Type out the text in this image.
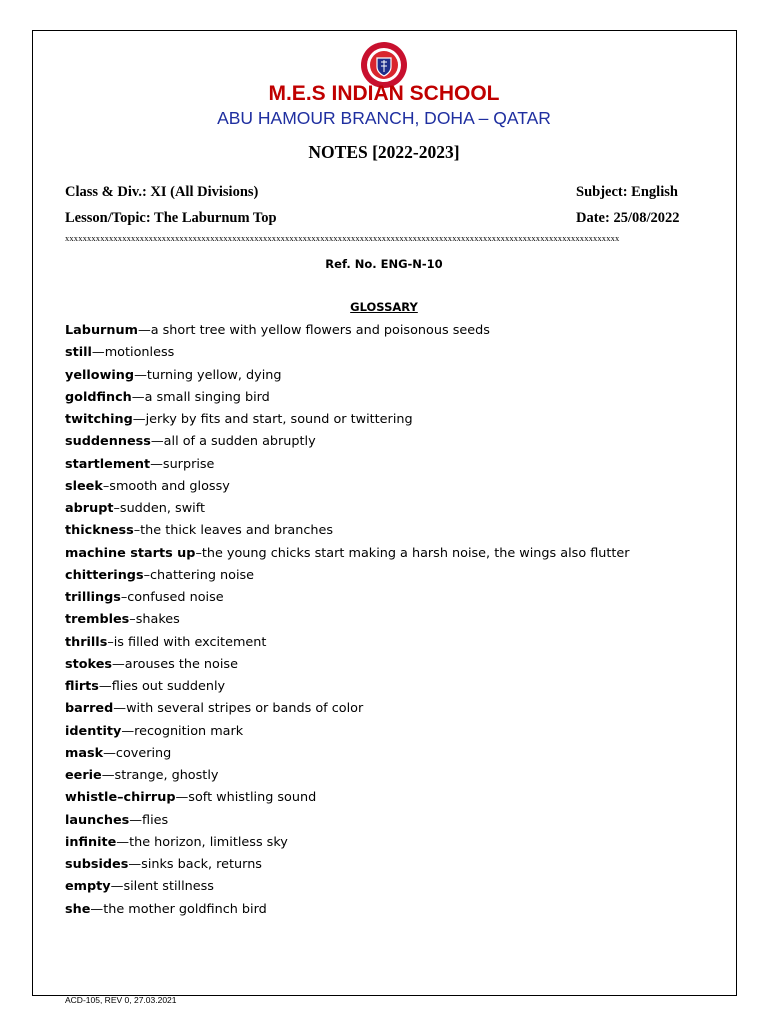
M.E.S INDIAN SCHOOL
ABU HAMOUR BRANCH, DOHA – QATAR
NOTES [2022-2023]
Class & Div.: XI (All Divisions)	Subject: English
Lesson/Topic: The Laburnum Top	Date: 25/08/2022
xxxxxxxxxxxxxxxxxxxxxxxxxxxxxxxxxxxxxxxxxxxxxxxxxxxxxxxxxxxxxxxxxxxxxxxxxxxxxxxxxxxxxxxxxxxxxxxxxxxxxxxxxxxxxxxxxxxxxxxxxxxxxx
Ref. No. ENG-N-10
GLOSSARY
Laburnum—a short tree with yellow flowers and poisonous seeds
still—motionless
yellowing—turning yellow, dying
goldfinch—a small singing bird
twitching—jerky by fits and start, sound or twittering
suddenness—all of a sudden abruptly
startlement—surprise
sleek–smooth and glossy
abrupt–sudden, swift
thickness–the thick leaves and branches
machine starts up–the young chicks start making a harsh noise, the wings also flutter
chitterings–chattering noise
trillings–confused noise
trembles–shakes
thrills–is filled with excitement
stokes—arouses the noise
flirts—flies out suddenly
barred—with several stripes or bands of color
identity—recognition mark
mask—covering
eerie—strange, ghostly
whistle–chirrup—soft whistling sound
launches—flies
infinite—the horizon, limitless sky
subsides—sinks back, returns
empty—silent stillness
she—the mother goldfinch bird
ACD-105, REV 0, 27.03.2021
